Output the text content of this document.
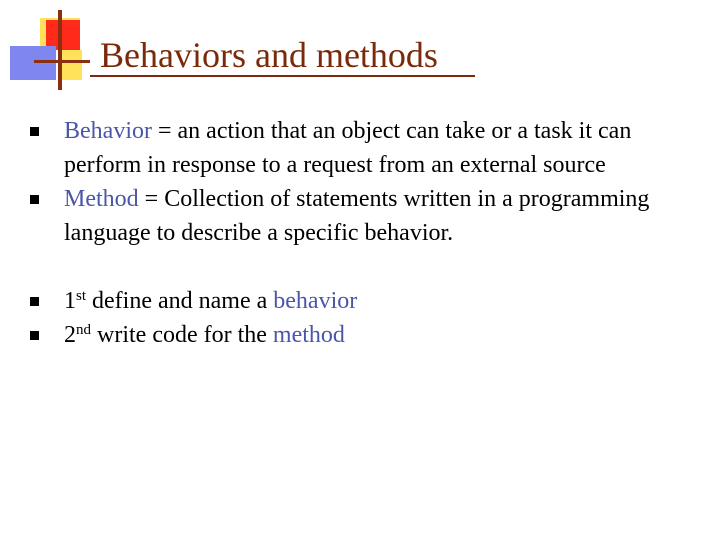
Behaviors and methods
Behavior = an action that an object can take or a task it can perform in response to a request from an external source
Method = Collection of statements written in a programming language to describe a specific behavior.
1st define and name a behavior
2nd write code for the method
